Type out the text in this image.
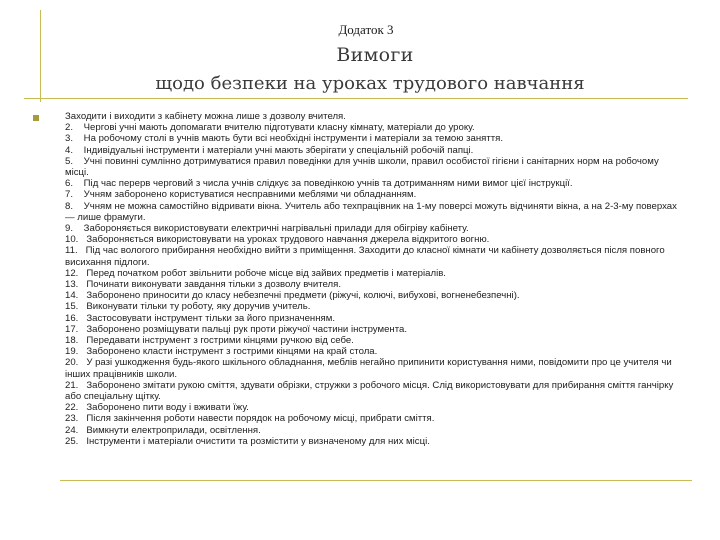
Додаток 3
Вимоги
щодо безпеки на уроках трудового навчання
Заходити і виходити з кабінету можна лише з дозволу вчителя.
2.    Чергові учні мають допомагати вчителю підготувати класну кімнату, матеріали до уроку.
3.    На робочому столі в учнів мають бути всі необхідні інструменти і матеріали за темою заняття.
4.    Індивідуальні інструменти і матеріали учні мають зберігати у спеціальній робочій папці.
5.    Учні повинні сумлінно дотримуватися правил поведінки для учнів школи, правил особистої гігієни і санітарних норм на робочому місці.
6.    Під час перерв черговий з числа учнів слідкує за поведінкою учнів та дотриманням ними вимог цієї інструкції.
7.    Учням заборонено користуватися несправними меблями чи обладнанням.
8.    Учням не можна самостійно відривати вікна. Учитель або техпрацівник на 1-му поверсі можуть відчиняти вікна, а на 2-3-му поверхах — лише фрамуги.
9.    Забороняється використовувати електричні нагрівальні прилади для обігріву кабінету.
10.   Забороняється використовувати на уроках трудового навчання джерела відкритого вогню.
11.   Під час вологого прибирання необхідно вийти з приміщення. Заходити до класної кімнати чи кабінету дозволяється після повного висихання підлоги.
12.   Перед початком робот звільнити робоче місце від зайвих предметів і матеріалів.
13.   Починати виконувати завдання тільки з дозволу вчителя.
14.   Заборонено приносити до класу небезпечні предмети (ріжучі, колючі, вибухові, вогненебезпечні).
15.   Виконувати тільки ту роботу, яку доручив учитель.
16.   Застосовувати інструмент тільки за його призначенням.
17.   Заборонено розміщувати пальці рук проти ріжучої частини інструмента.
18.   Передавати інструмент з гострими кінцями ручкою від себе.
19.   Заборонено класти інструмент з гострими кінцями на край стола.
20.   У разі ушкодження будь-якого шкільного обладнання, меблів негайно припинити користування ними, повідомити про це учителя чи інших працівників школи.
21.   Заборонено змітати рукою сміття, здувати обрізки, стружки з робочого місця. Слід використовувати для прибирання сміття ганчірку або спеціальну щітку.
22.   Заборонено пити воду і вживати їжу.
23.   Після закінчення роботи навести порядок на робочому місці, прибрати сміття.
24.   Вимкнути електроприлади, освітлення.
25.   Інструменти і матеріали очистити та розмістити у визначеному для них місці.
